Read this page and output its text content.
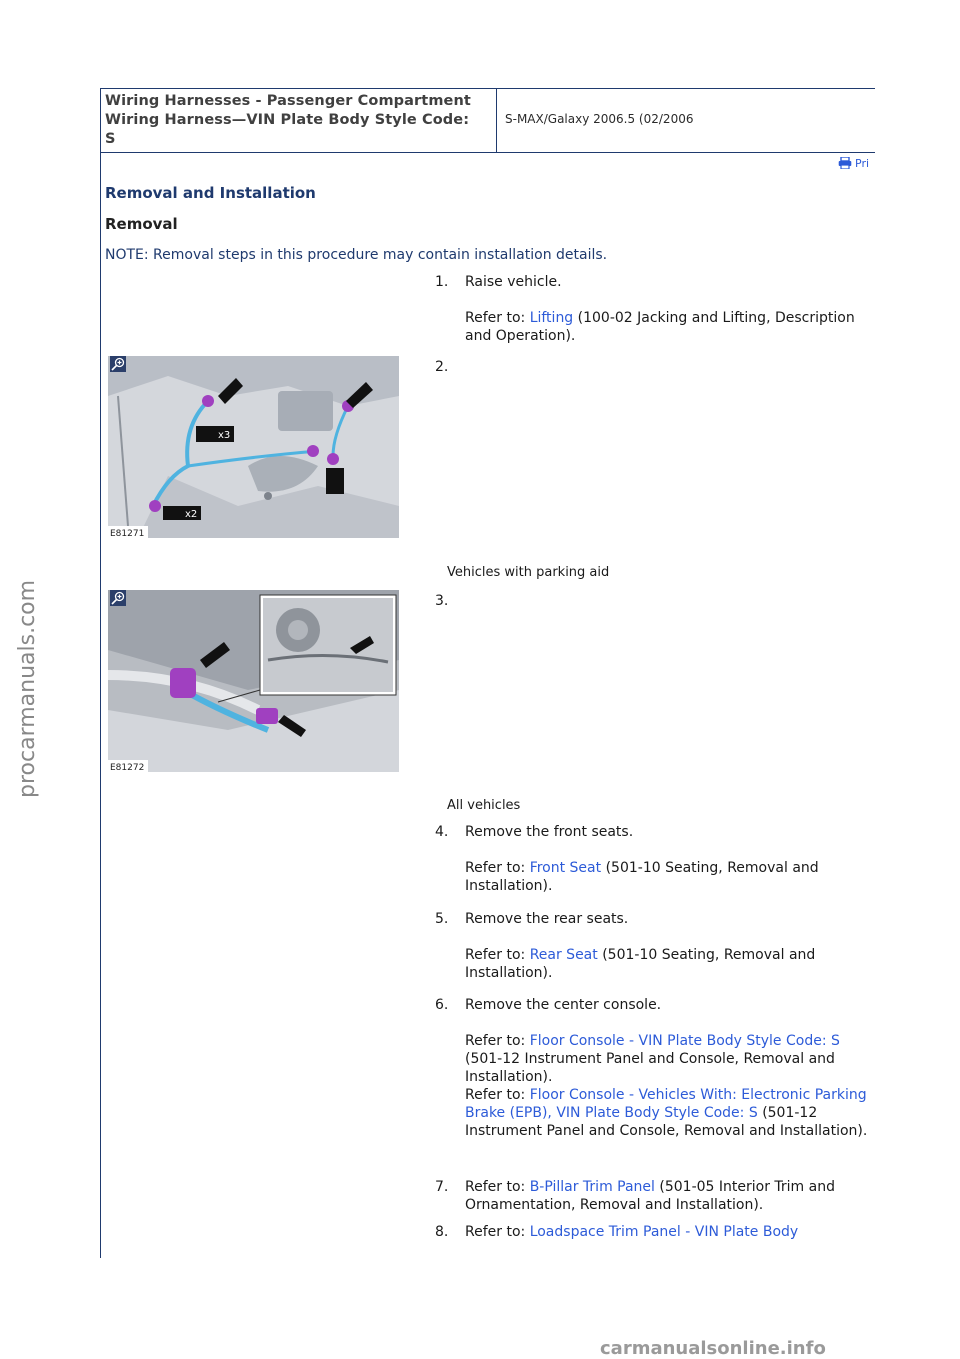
Wiring Harnesses - Passenger Compartment
Wiring Harness—VIN Plate Body Style Code:
S
S-MAX/Galaxy 2006.5 (02/2006
Pri
Removal and Installation
Removal
NOTE: Removal steps in this procedure may contain installation details.
1. Raise vehicle.
Refer to: Lifting (100-02 Jacking and Lifting, Description and Operation).
x3
x2
E81271
2.
Vehicles with parking aid
E81272
3.
All vehicles
4. Remove the front seats.
Refer to: Front Seat (501-10 Seating, Removal and Installation).
5. Remove the rear seats.
Refer to: Rear Seat (501-10 Seating, Removal and Installation).
6. Remove the center console.
Refer to: Floor Console - VIN Plate Body Style Code: S (501-12 Instrument Panel and Console, Removal and Installation).
Refer to: Floor Console - Vehicles With: Electronic Parking Brake (EPB), VIN Plate Body Style Code: S (501-12 Instrument Panel and Console, Removal and Installation).
7. Refer to: B-Pillar Trim Panel (501-05 Interior Trim and Ornamentation, Removal and Installation).
8. Refer to: Loadspace Trim Panel - VIN Plate Body
procarmanuals.com
carmanualsonline.info
